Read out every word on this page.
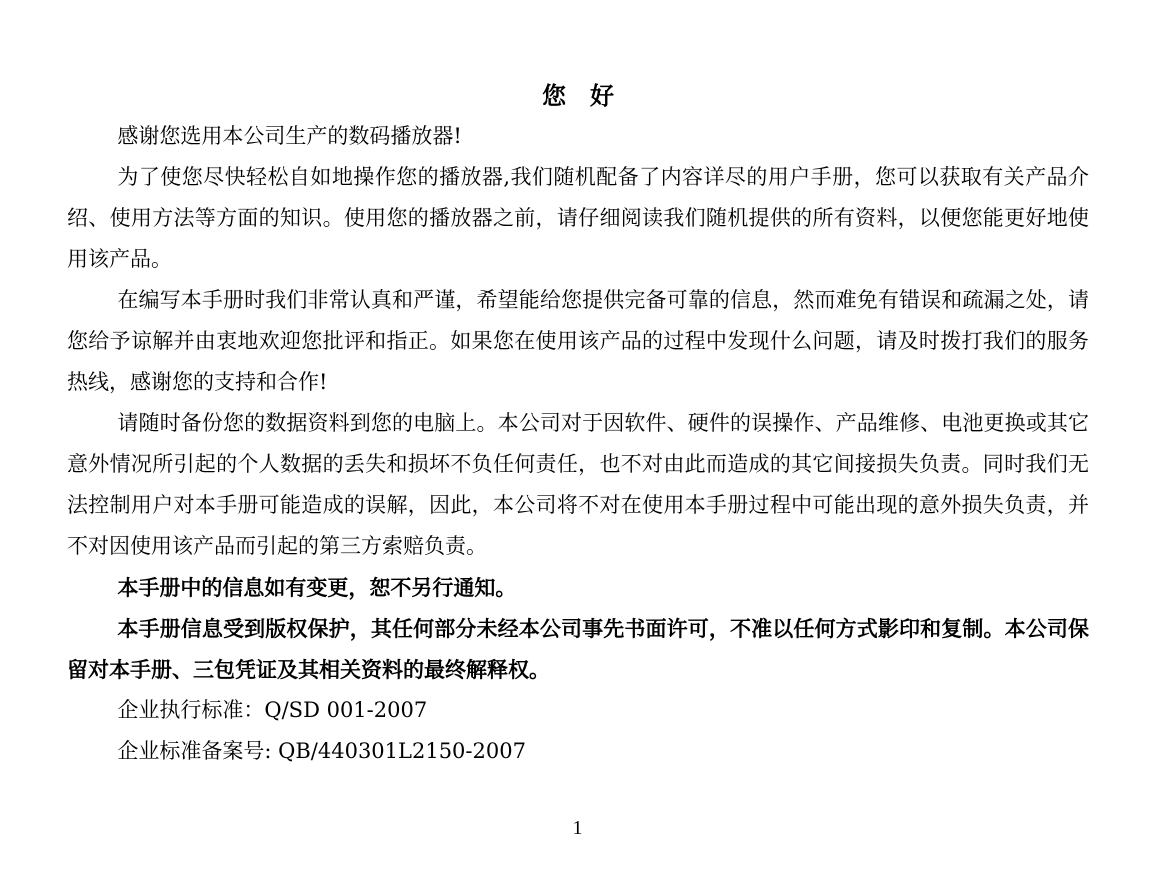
您 好

感谢您选用本公司生产的数码播放器!

为了使您尽快轻松自如地操作您的播放器,我们随机配备了内容详尽的用户手册，您可以获取有关产品介绍、使用方法等方面的知识。使用您的播放器之前，请仔细阅读我们随机提供的所有资料，以便您能更好地使用该产品。

在编写本手册时我们非常认真和严谨，希望能给您提供完备可靠的信息，然而难免有错误和疏漏之处，请您给予谅解并由衷地欢迎您批评和指正。如果您在使用该产品的过程中发现什么问题，请及时拨打我们的服务热线，感谢您的支持和合作!

请随时备份您的数据资料到您的电脑上。本公司对于因软件、硬件的误操作、产品维修、电池更换或其它意外情况所引起的个人数据的丢失和损坏不负任何责任，也不对由此而造成的其它间接损失负责。同时我们无法控制用户对本手册可能造成的误解，因此，本公司将不对在使用本手册过程中可能出现的意外损失负责，并不对因使用该产品而引起的第三方索赔负责。

本手册中的信息如有变更，恕不另行通知。

本手册信息受到版权保护，其任何部分未经本公司事先书面许可，不准以任何方式影印和复制。本公司保留对本手册、三包凭证及其相关资料的最终解释权。

企业执行标准：Q/SD 001-2007

企业标准备案号: QB/440301L2150-2007

1
